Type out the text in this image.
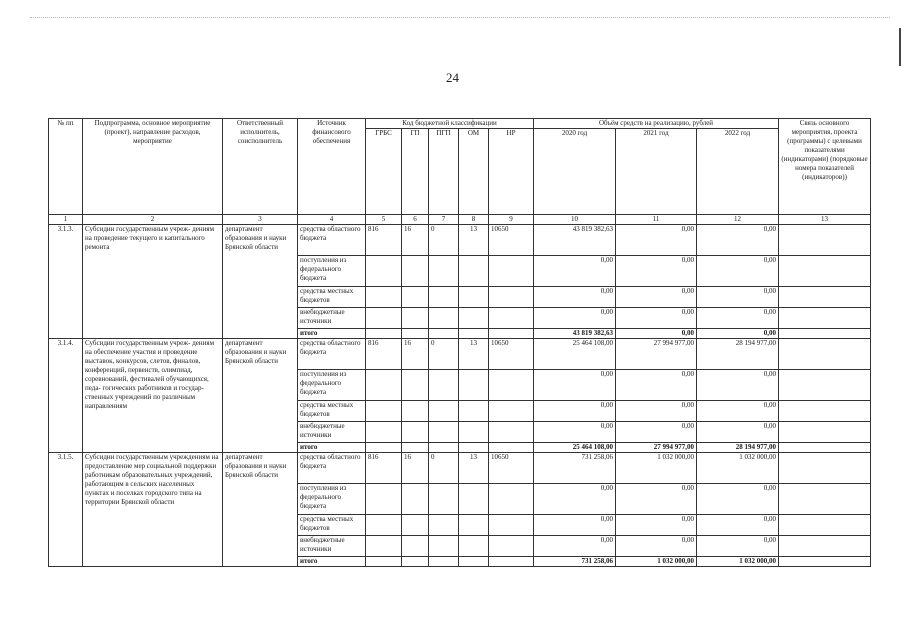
24
№ пп	Подпрограмма, основное мероприятие (проект), направление расходов, мероприятие	Ответственный исполнитель, соисполнитель	Источник финансового обеспечения	Код бюджетной классификации					Объём средств на реализацию, рублей			Связь основного мероприятия, проекта (программы) с целевыми показателями (индикаторами) (порядковые номера показателей (индикаторов))
				ГРБС	ГП	ПГП	ОМ	НР	2020 год	2021 год	2022 год	
1	2	3	4	5	6	7	8	9	10	11	12	13
3.1.3.	Субсидии государственным учреж- дениям на проведение текущего и капитального ремонта	департамент образования и науки Брянской области	средства областного бюджета	816	16	0	13	10650	43 819 382,63	0,00	0,00	
			поступления из федерального бюджета						0,00	0,00	0,00	
			средства местных бюджетов						0,00	0,00	0,00	
			внебюджетные источники						0,00	0,00	0,00	
			итого						43 819 382,63	0,00	0,00	
3.1.4.	Субсидии государственным учреж- дениям на обеспечение участия и проведение выставок, конкурсов, слетов, финалов, конференций, первенств, олимпиад, соревнований, фестивалей обучающихся, педа- гогических работников и государ- ственных учреждений по различным направлениям	департамент образования и науки Брянской области	средства областного бюджета	816	16	0	13	10650	25 464 108,00	27 994 977,00	28 194 977,00	
			поступления из федерального бюджета						0,00	0,00	0,00	
			средства местных бюджетов						0,00	0,00	0,00	
			внебюджетные источники						0,00	0,00	0,00	
			итого						25 464 108,00	27 994 977,00	28 194 977,00	
3.1.5.	Субсидии государственным учреждениям на предоставление мер социальной поддержки работникам образовательных учреждений, работающим в сельских населенных пунктах и поселках городского типа на территории Брянской области	департамент образования и науки Брянской области	средства областного бюджета	816	16	0	13	10650	731 258,06	1 032 000,00	1 032 000,00	
			поступления из федерального бюджета						0,00	0,00	0,00	
			средства местных бюджетов						0,00	0,00	0,00	
			внебюджетные источники						0,00	0,00	0,00	
			итого						731 258,06	1 032 000,00	1 032 000,00	
